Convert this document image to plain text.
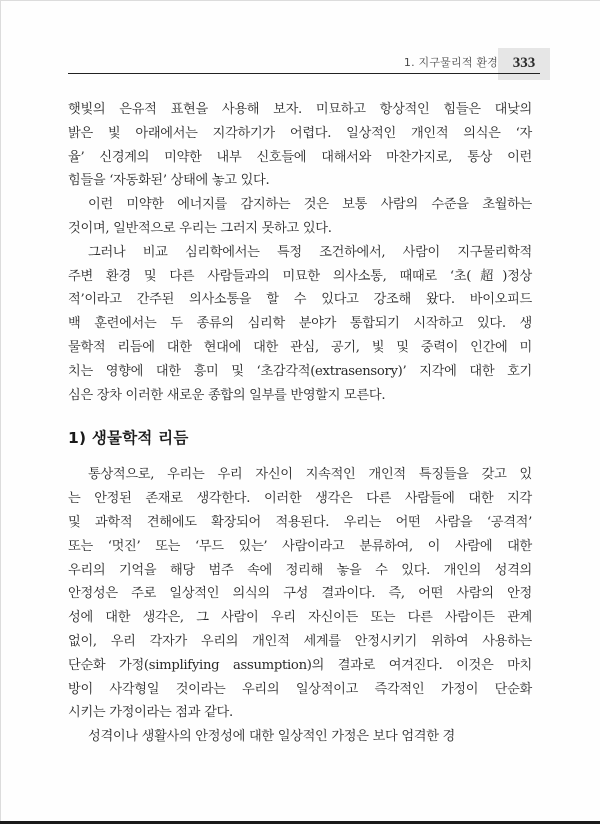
1. 지구물리적 환경 333
햇빛의 은유적 표현을 사용해 보자. 미묘하고 항상적인 힘들은 대낮의
밝은 빛 아래에서는 지각하기가 어렵다. 일상적인 개인적 의식은 ‘자
율’ 신경계의 미약한 내부 신호들에 대해서와 마찬가지로, 통상 이런
힘들을 ‘자동화된’ 상태에 놓고 있다.
이런 미약한 에너지를 감지하는 것은 보통 사람의 수준을 초월하는
것이며, 일반적으로 우리는 그러지 못하고 있다.
그러나 비교 심리학에서는 특정 조건하에서, 사람이 지구물리학적
주변 환경 및 다른 사람들과의 미묘한 의사소통, 때때로 ‘초(超)정상
적’이라고 간주된 의사소통을 할 수 있다고 강조해 왔다. 바이오피드
백 훈련에서는 두 종류의 심리학 분야가 통합되기 시작하고 있다. 생
물학적 리듬에 대한 현대에 대한 관심, 공기, 빛 및 중력이 인간에 미
치는 영향에 대한 흥미 및 ‘초감각적(extrasensory)’ 지각에 대한 호기
심은 장차 이러한 새로운 종합의 일부를 반영할지 모른다.
1) 생물학적 리듬
통상적으로, 우리는 우리 자신이 지속적인 개인적 특징들을 갖고 있
는 안정된 존재로 생각한다. 이러한 생각은 다른 사람들에 대한 지각
및 과학적 견해에도 확장되어 적용된다. 우리는 어떤 사람을 ‘공격적’
또는 ‘멋진’ 또는 ‘무드 있는’ 사람이라고 분류하여, 이 사람에 대한
우리의 기억을 해당 범주 속에 정리해 놓을 수 있다. 개인의 성격의
안정성은 주로 일상적인 의식의 구성 결과이다. 즉, 어떤 사람의 안정
성에 대한 생각은, 그 사람이 우리 자신이든 또는 다른 사람이든 관계
없이, 우리 각자가 우리의 개인적 세계를 안정시키기 위하여 사용하는
단순화 가정(simplifying assumption)의 결과로 여겨진다. 이것은 마치
방이 사각형일 것이라는 우리의 일상적이고 즉각적인 가정이 단순화
시키는 가정이라는 점과 같다.
성격이나 생활사의 안정성에 대한 일상적인 가정은 보다 엄격한 경
